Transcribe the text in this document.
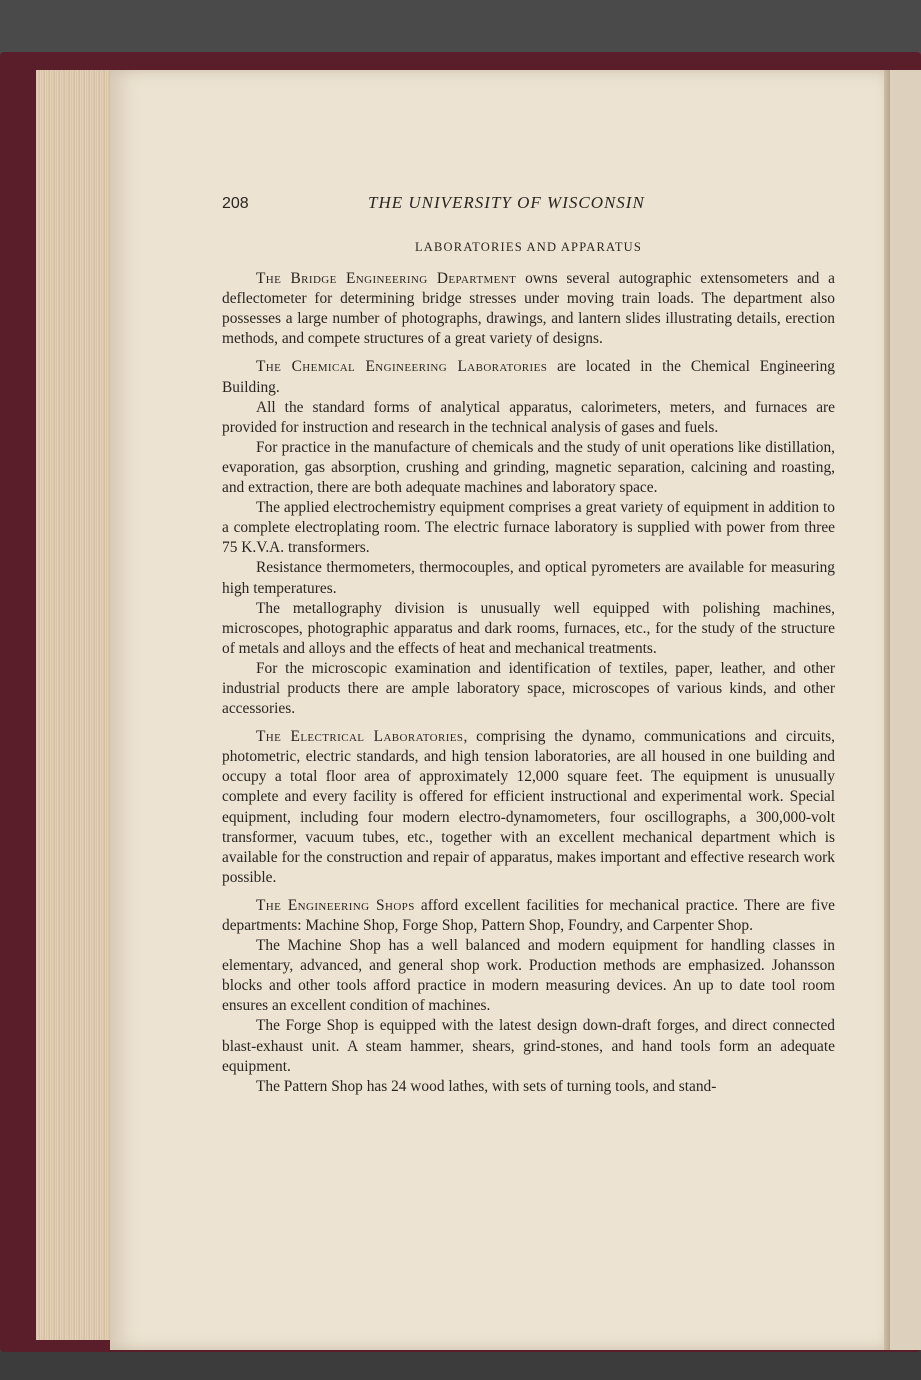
208	THE UNIVERSITY OF WISCONSIN
LABORATORIES AND APPARATUS

The Bridge Engineering Department owns several autographic extensometers and a deflectometer for determining bridge stresses under moving train loads. The department also possesses a large number of photographs, drawings, and lantern slides illustrating details, erection methods, and compete structures of a great variety of designs.

The Chemical Engineering Laboratories are located in the Chemical Engineering Building.

All the standard forms of analytical apparatus, calorimeters, meters, and furnaces are provided for instruction and research in the technical analysis of gases and fuels.

For practice in the manufacture of chemicals and the study of unit operations like distillation, evaporation, gas absorption, crushing and grinding, magnetic separation, calcining and roasting, and extraction, there are both adequate machines and laboratory space.

The applied electrochemistry equipment comprises a great variety of equipment in addition to a complete electroplating room. The electric furnace laboratory is supplied with power from three 75 K.V.A. transformers.

Resistance thermometers, thermocouples, and optical pyrometers are available for measuring high temperatures.

The metallography division is unusually well equipped with polishing machines, microscopes, photographic apparatus and dark rooms, furnaces, etc., for the study of the structure of metals and alloys and the effects of heat and mechanical treatments.

For the microscopic examination and identification of textiles, paper, leather, and other industrial products there are ample laboratory space, microscopes of various kinds, and other accessories.

The Electrical Laboratories, comprising the dynamo, communications and circuits, photometric, electric standards, and high tension laboratories, are all housed in one building and occupy a total floor area of approximately 12,000 square feet. The equipment is unusually complete and every facility is offered for efficient instructional and experimental work. Special equipment, including four modern electro-dynamometers, four oscillographs, a 300,000-volt transformer, vacuum tubes, etc., together with an excellent mechanical department which is available for the construction and repair of apparatus, makes important and effective research work possible.

The Engineering Shops afford excellent facilities for mechanical practice. There are five departments: Machine Shop, Forge Shop, Pattern Shop, Foundry, and Carpenter Shop.

The Machine Shop has a well balanced and modern equipment for handling classes in elementary, advanced, and general shop work. Production methods are emphasized. Johansson blocks and other tools afford practice in modern measuring devices. An up to date tool room ensures an excellent condition of machines.

The Forge Shop is equipped with the latest design down-draft forges, and direct connected blast-exhaust unit. A steam hammer, shears, grind-stones, and hand tools form an adequate equipment.

The Pattern Shop has 24 wood lathes, with sets of turning tools, and stand-
